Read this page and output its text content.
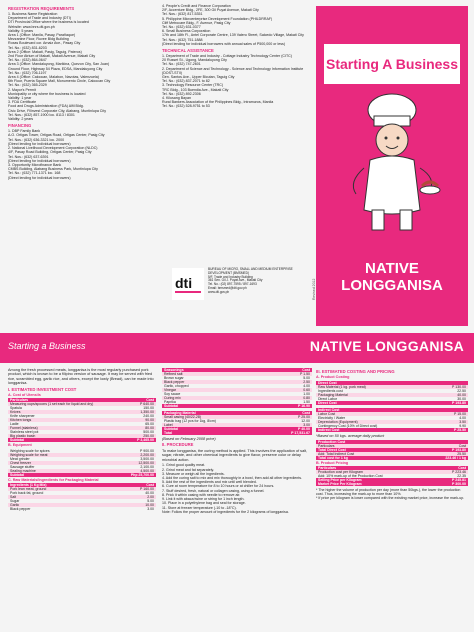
REGISTRATION REQUIREMENTS
1. Business Name Registration
Department of Trade and Industry (DTI)
DTI Provincial Office where the business is located
Website: www.bnrs.dti.gov.ph
Validity: 5 years
Area 1 (Office: Manila, Pasay, Parañaque)
Mezzanine Floor, Ruvee Bldg Building
Roxas Boulevard cor. Arnaiz Ave., Pasay City
Tel. No.: (632) 831-6203
Area 2 (Office: Makati, Pasig, Taguig, Pateros)
2nd Floor Atrium of Makati, Makati Avenue, Makati City
Tel. No.: (632) 864-0647
Area 3 (Office: Mandaluyong, Marikina, Quezon City, San Juan)
Ground Floor, Highway 54 Plaza, EDSA, Mandaluyong City
Tel. No.: (632) 706-1197
Area 4 (Office: Caloocan, Malabon, Navotas, Valenzuela)
6th Floor, Puerta Square Mall, Monumento Circle, Caloocan City
Tel. No.: (632) 365-2329
2. Mayor's Permit
Municipality or city where the business is located
Validity: 1 year
3. FDA Certificate
Food and Drugs Administration (FDA) Alfil Bldg.
Civic Drive, Filinvest Corporate City, Alabang, Muntinlupa City
Tel. Nos.: (632) 857-1900 loc. 8113 / 8301
Validity: 2 years
FINANCING
1. DBP Family Bank
A.O. Ortigas Tower, Ortigas Road, Ortigas Center, Pasig City
Tel. Nos.: (632) 636-3321 loc. 2000
(Direct lending for individual borrowers)
2. National Livelihood Development Corporation (NLDC)
4/F, Pasay Road Building, Ortigas Center, Pasig City
Tel. Nos.: (632) 637-6391
(Direct lending for individual borrowers)
3. Opportunity Microfinance Bank
CMBS Building, Alabang Business Park, Muntinlupa City
Tel. No.: (632) 771-1371 loc. 168
(Direct lending for individual borrowers)
4. People's Credit and Finance Corporation
2/F, Accenture Bldg., 2FE, 300 Gil Puyat Avenue, Makati City
Tel. Nos.: (632) 817-5351
5. Philippine Microenterprise Development Foundation (PHILDRRAF)
Cliff Metrocare Bldg., F. Avenue, Pasig City
Tel. No.: (632) 631-0377
6. Small Business Corporation
17th and 18th Fl., Antel Corporate Centre, 139 Valero Street, Salcedo Village, Makati City
Tel. Nos.: (632) 751-1888
(Direct lending for individual borrowers with annual sales of P500,000 or less)
TECHNICAL ASSISTANCE
1. Department of Trade and Industry - Cottage Industry Technology Center (CITC)
20 Russet St., Ugong, Mandaluyong City
Tel. No.: (632) 747-2601
2. Department of Science and Technology - Science and Technology Information Institute (DOST-STII)
Gen. Santos Ave., Upper Bicutan, Taguig City
Tel. No.: (632) 837-2071 to 82
3. Technology Resource Center (TRC)
TRC Bldg., 103 Buendia Ave., Makati City
Tel. No.: (632) 892-2306
4. Kilusang Bayan
Rural Bankers Association of the Philippines Bldg., Intramuros, Manila
Tel. No.: (632) 528-9751 to 53
dti
BUREAU OF MICRO, SMALL AND MEDIUM ENTERPRISE DEVELOPMENT (BMSMED)
5/F, Trade and Industry Building
361 Sen. Gil J. Puyat Ave., Makati City
Tel. No.: (02) 897-7595 / 897-1693
Email: bmsmed@dti.gov.ph
www.dti.gov.ph	Revised 2012
Starting A Business
NATIVE LONGGANISA
Starting a Business	NATIVE LONGGANISA
Among the fresh processed meats, longganisa is the most regularly purchased pork product, which is known to be a filipino version of sausage. It may be served with fried rice, scrambled egg, garlic rice, and others, except the lowly (Bread), can be made into longganisa.
I. ESTIMATED INVESTMENT COST
A. Cost of Utensils
Particulars	Cost
Measuring cups/spoons (1 set each for liquid and dry)	P 640.00
Spatula	150.00
Knives	1,350.00
Knife sharpener	240.00
Kitchen tongs	90.00
Ladle	65.00
Funnel (stainless)	80.00
Stainless steel pot	500.00
Big plastic basin	250.00
Subtotal	P 3,465.00
B. Equipment
Weighing scale for spices	P 900.00
Weighing scale for meat	2,200.00
Meat grinder	3,500.00
Chest freezer	12,500.00
Sausage stuffer	2,100.00
Sealing machine	4,500.00
Subtotal	Php 25,700.00
C. Raw Materials/Ingredients for Packaging Material
Ingredients (1 Kg Mix)	Cost
Pork lean meat, ground	P 160.00
Pork back fat, ground	40.00
Salt	2.00
Sugar	5.00
Garlic	10.00
Black pepper	3.00
Seasonings	Cost
Refined salt	P 1.50
Brown sugar	5.00
Black pepper	2.50
Garlic, chopped	4.00
Vinegar	0.60
Soy sauce	1.00
Curing mix	0.80
Paprika	1.50
Subtotal	P 16.90
Packaging Material	Cost
Small casing (40/22-28)	P 25.00
Plastic bag (12 pcs for 1kg, 8/cm)	12.00
Label	3.00
Subtotal	P 40.00
Total	P 17,531.67
(Based on February 2008 price)
II. PROCEDURE
To make longganisa, the curing method is applied. This involves the application of salt, sugar, nitrate, and other chemical ingredients to give flavor, preserve color or delay microbial action.
1. Grind good quality meat.
2. Grind meat and fat separately.
3. Measure or weigh all the ingredients.
4. Add the curing salt to mix and mix thoroughly in a bowl, then add all other ingredients.
5. Add the rest of the ingredients and mix until well blended.
6. Cure at room temperature for 8 to 10 hours or at chiller for 24 hours.
7. Stuff desired, fresh, natural or collagen casing, using a funnel.
8. Prick it within casing with needle to remove air.
9. Link it with abaca twine or string for 1 inch length.
10. Place in a polyethylene bag and seal for storage.
11. Store at freezer temperature (-10 to -18°C).
Note: Follow the proper amount of ingredients for the 2 kilograms of longganisa.
III. ESTIMATED COSTING AND PRICING
A. Product Costing
Direct Cost	
Raw Material (1 kg. pork meat)	P 130.00
Ingredients cost	22.50
Packaging Material	40.00
Direct Labor	30.00
Direct Cost	P 193.80
Indirect Cost	
Labor Cost	P 15.00
Electricity / Water	4.00
Depreciation (Equipment)	3.50
Contingency Cost (10% of Direct cost)	9.90
Indirect Cost	P 25.50
*Based on 50 kgs. average daily product
Production Cost	
Particulars	Cost
Total Direct Cost	P 193.80
Add: Total Indirect Cost	25.50
Total cost for 1 kg	223.46 / 1 kg
B. Product Pricing
Particulars	Cost
Production cost per Kilogram	P 223.46
Add: 10% mark-up of the Production Cost	22.35
Selling Price per Kilogram	P 245.81
Market Price Per Kilogram	P 300.00
* The higher the volume of production per day (more than 50kgs.), the lower the production cost. Thus, increasing the mark-up to more than 10%.
* If price per kilogram is lower compared with the existing market price, increase the mark-up.
